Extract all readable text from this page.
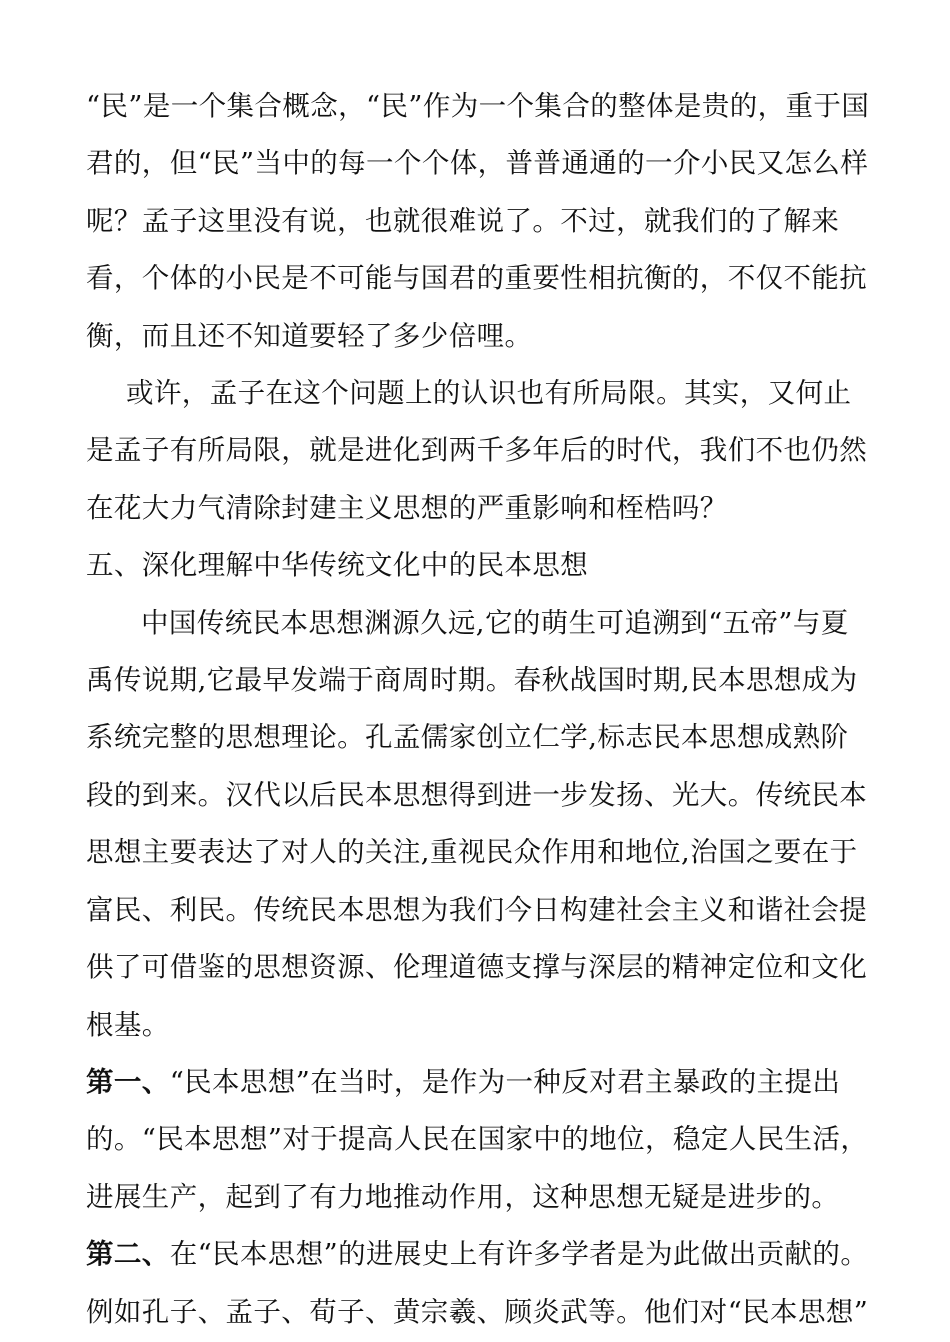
“民”是一个集合概念，“民”作为一个集合的整体是贵的，重于国君的，但“民”当中的每一个个体，普普通通的一介小民又怎么样呢？孟子这里没有说，也就很难说了。不过，就我们的了解来看，个体的小民是不可能与国君的重要性相抗衡的，不仅不能抗衡，而且还不知道要轻了多少倍哩。

或许，孟子在这个问题上的认识也有所局限。其实，又何止是孟子有所局限，就是进化到两千多年后的时代，我们不也仍然在花大力气清除封建主义思想的严重影响和桎梏吗？

五、深化理解中华传统文化中的民本思想

中国传统民本思想渊源久远,它的萌生可追溯到“五帝”与夏禹传说期,它最早发端于商周时期。春秋战国时期,民本思想成为系统完整的思想理论。孔孟儒家创立仁学,标志民本思想成熟阶段的到来。汉代以后民本思想得到进一步发扬、光大。传统民本思想主要表达了对人的关注,重视民众作用和地位,治国之要在于富民、利民。传统民本思想为我们今日构建社会主义和谐社会提供了可借鉴的思想资源、伦理道德支撑与深层的精神定位和文化根基。

第一、“民本思想”在当时，是作为一种反对君主暴政的主提出的。“民本思想”对于提高人民在国家中的地位，稳定人民生活，进展生产，起到了有力地推动作用，这种思想无疑是进步的。

第二、在“民本思想”的进展史上有许多学者是为此做出贡献的。例如孔子、孟子、荀子、黄宗羲、顾炎武等。他们对“民本思想”
